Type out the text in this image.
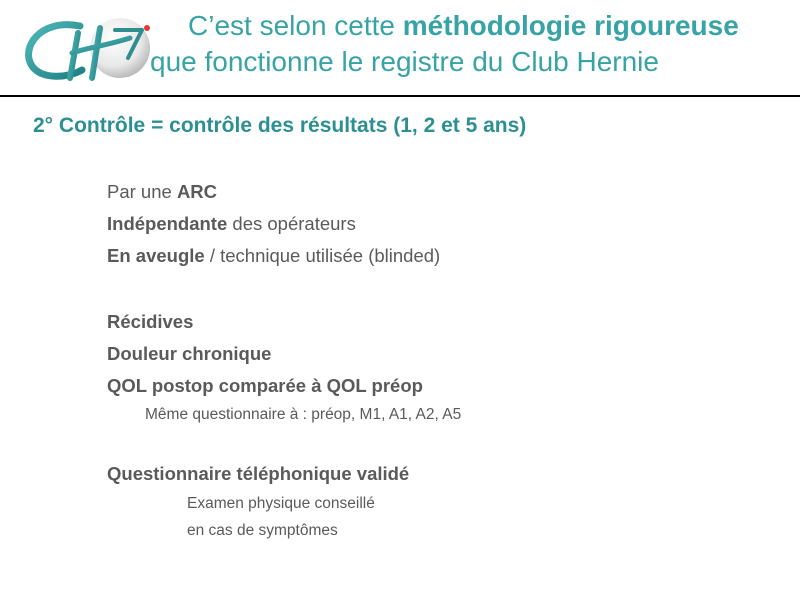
C’est selon cette méthodologie rigoureuse
que fonctionne le registre du Club Hernie
2° Contrôle = contrôle des résultats (1, 2 et 5 ans)
Par une ARC
Indépendante des opérateurs
En aveugle / technique utilisée (blinded)
Récidives
Douleur chronique
QOL postop comparée à QOL préop
Même questionnaire à : préop, M1, A1, A2, A5
Questionnaire téléphonique validé
Examen physique conseillé
en cas de symptômes
